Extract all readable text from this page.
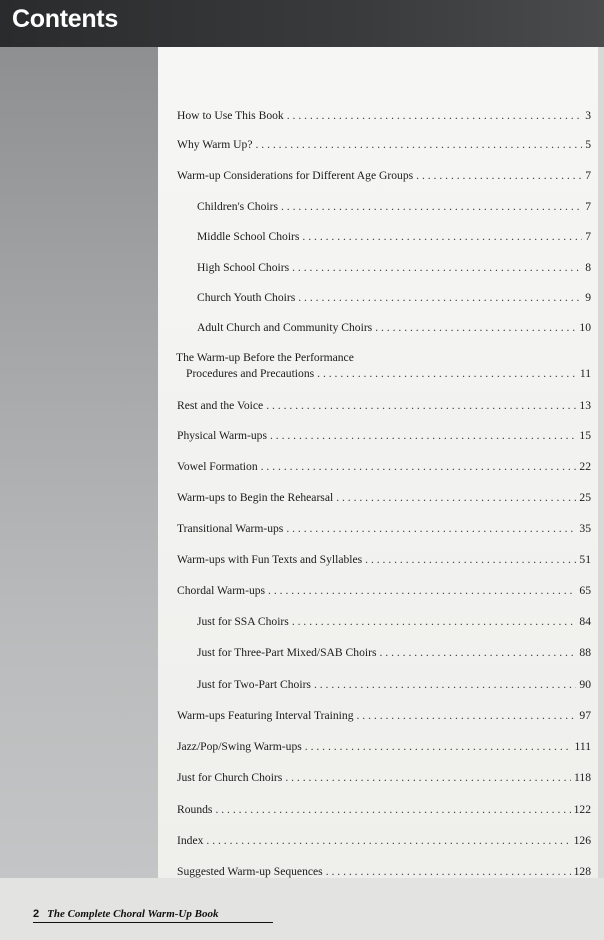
Contents
How to Use This Book . . .	3
Why Warm Up? . . .	5
Warm-up Considerations for Different Age Groups . . .	7
Children's Choirs . . .	7
Middle School Choirs . . .	7
High School Choirs . . .	8
Church Youth Choirs . . .	9
Adult Church and Community Choirs . . .	10
The Warm-up Before the Performance
Procedures and Precautions . . .	11
Rest and the Voice . . .	13
Physical Warm-ups . . .	15
Vowel Formation . . .	22
Warm-ups to Begin the Rehearsal . . .	25
Transitional Warm-ups . . .	35
Warm-ups with Fun Texts and Syllables . . .	51
Chordal Warm-ups . . .	65
Just for SSA Choirs . . .	84
Just for Three-Part Mixed/SAB Choirs . . .	88
Just for Two-Part Choirs . . .	90
Warm-ups Featuring Interval Training . . .	97
Jazz/Pop/Swing Warm-ups . . .	111
Just for Church Choirs . . .	118
Rounds . . .	122
Index . . .	126
Suggested Warm-up Sequences . . .	128
2 The Complete Choral Warm-Up Book
